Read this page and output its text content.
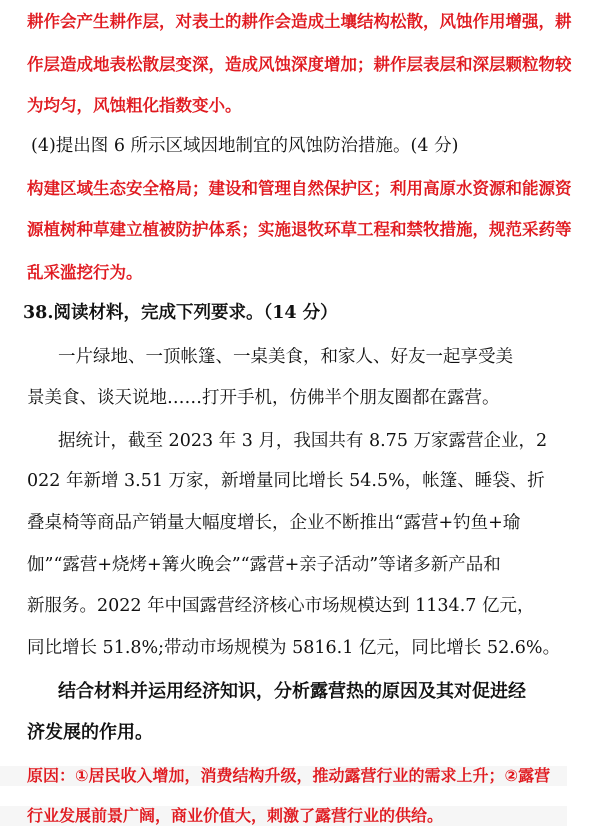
耕作会产生耕作层，对表土的耕作会造成土壤结构松散，风蚀作用增强，耕
作层造成地表松散层变深，造成风蚀深度增加；耕作层表层和深层颗粒物较
为均匀，风蚀粗化指数变小。
(4)提出图 6 所示区域因地制宜的风蚀防治措施。(4 分)
构建区域生态安全格局；建设和管理自然保护区；利用高原水资源和能源资
源植树种草建立植被防护体系；实施退牧环草工程和禁牧措施，规范采药等
乱采滥挖行为。
38.阅读材料，完成下列要求。（14 分）
一片绿地、一顶帐篷、一桌美食，和家人、好友一起享受美
景美食、谈天说地……打开手机，仿佛半个朋友圈都在露营。
据统计，截至 2023 年 3 月，我国共有 8.75 万家露营企业，2
022 年新增 3.51 万家，新增量同比增长 54.5%，帐篷、睡袋、折
叠桌椅等商品产销量大幅度增长，企业不断推出“露营+钓鱼+瑜
伽”“露营+烧烤+篝火晚会”“露营+亲子活动”等诸多新产品和
新服务。2022 年中国露营经济核心市场规模达到 1134.7 亿元，
同比增长 51.8%;带动市场规模为 5816.1 亿元，同比增长 52.6%。
结合材料并运用经济知识，分析露营热的原因及其对促进经
济发展的作用。
原因：①居民收入增加，消费结构升级，推动露营行业的需求上升；②露营
行业发展前景广阔，商业价值大，刺激了露营行业的供给。
